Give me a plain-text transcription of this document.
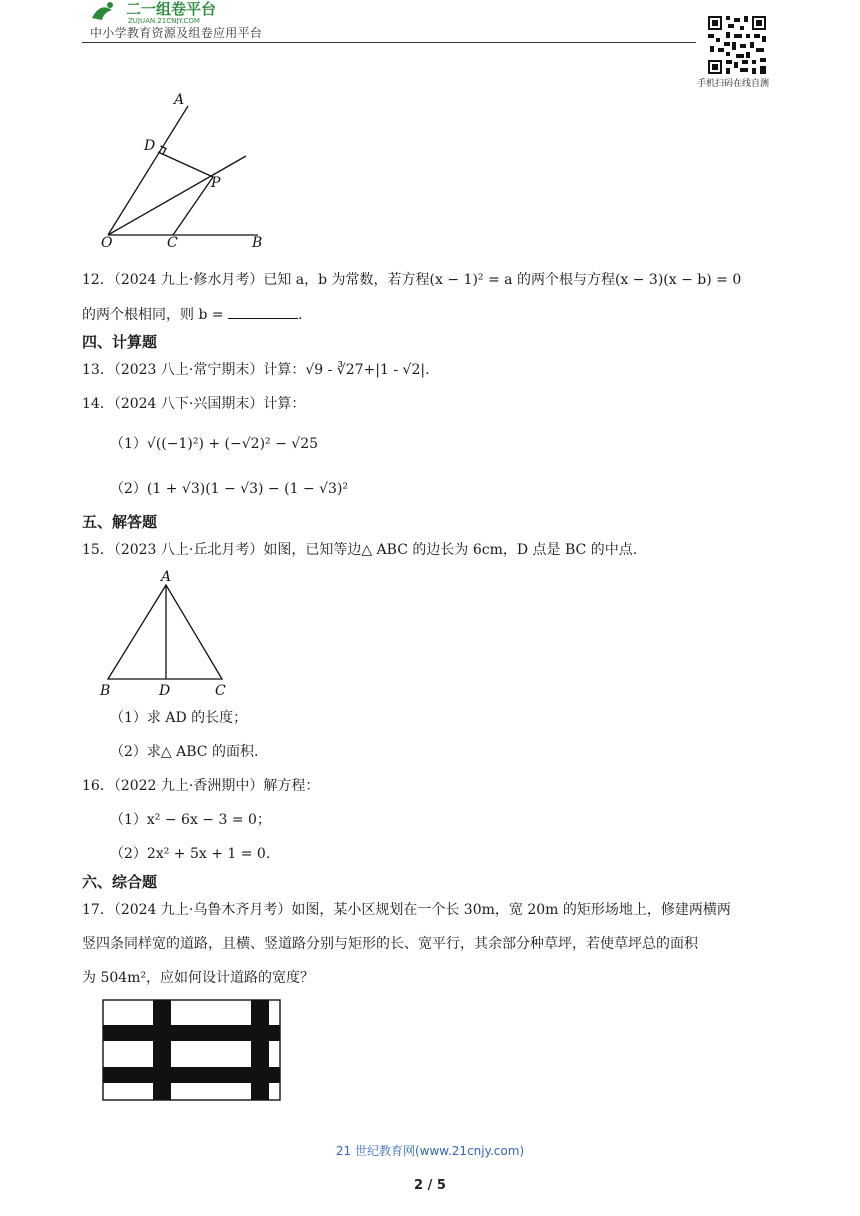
二一组卷平台
ZUJUAN.21CNJY.COM
中小学教育资源及组卷应用平台
手机扫码在线自测
A
D
P
O	C	B
12．（2024 九上·修水月考）已知 a，b 为常数，若方程(x − 1)² = a 的两个根与方程(x − 3)(x − b) = 0
的两个根相同，则 b =	.
四、计算题
13．（2023 八上·常宁期末）计算：√9 - ∛27+|1 - √2|.
14．（2024 八下·兴国期末）计算：
（1）√((−1)²) + (−√2)² − √25
（2）(1 + √3)(1 − √3) − (1 − √3)²
五、解答题
15．（2023 八上·丘北月考）如图，已知等边△ ABC 的边长为 6cm，D 点是 BC 的中点.
A
B	D	C
（1）求 AD 的长度；
（2）求△ ABC 的面积.
16．（2022 九上·香洲期中）解方程：
（1）x² − 6x − 3 = 0；
（2）2x² + 5x + 1 = 0.
六、综合题
17．（2024 九上·乌鲁木齐月考）如图，某小区规划在一个长 30m，宽 20m 的矩形场地上，修建两横两
竖四条同样宽的道路，且横、竖道路分别与矩形的长、宽平行，其余部分种草坪，若使草坪总的面积
为 504m²，应如何设计道路的宽度？
21 世纪教育网(www.21cnjy.com)
2 / 5
